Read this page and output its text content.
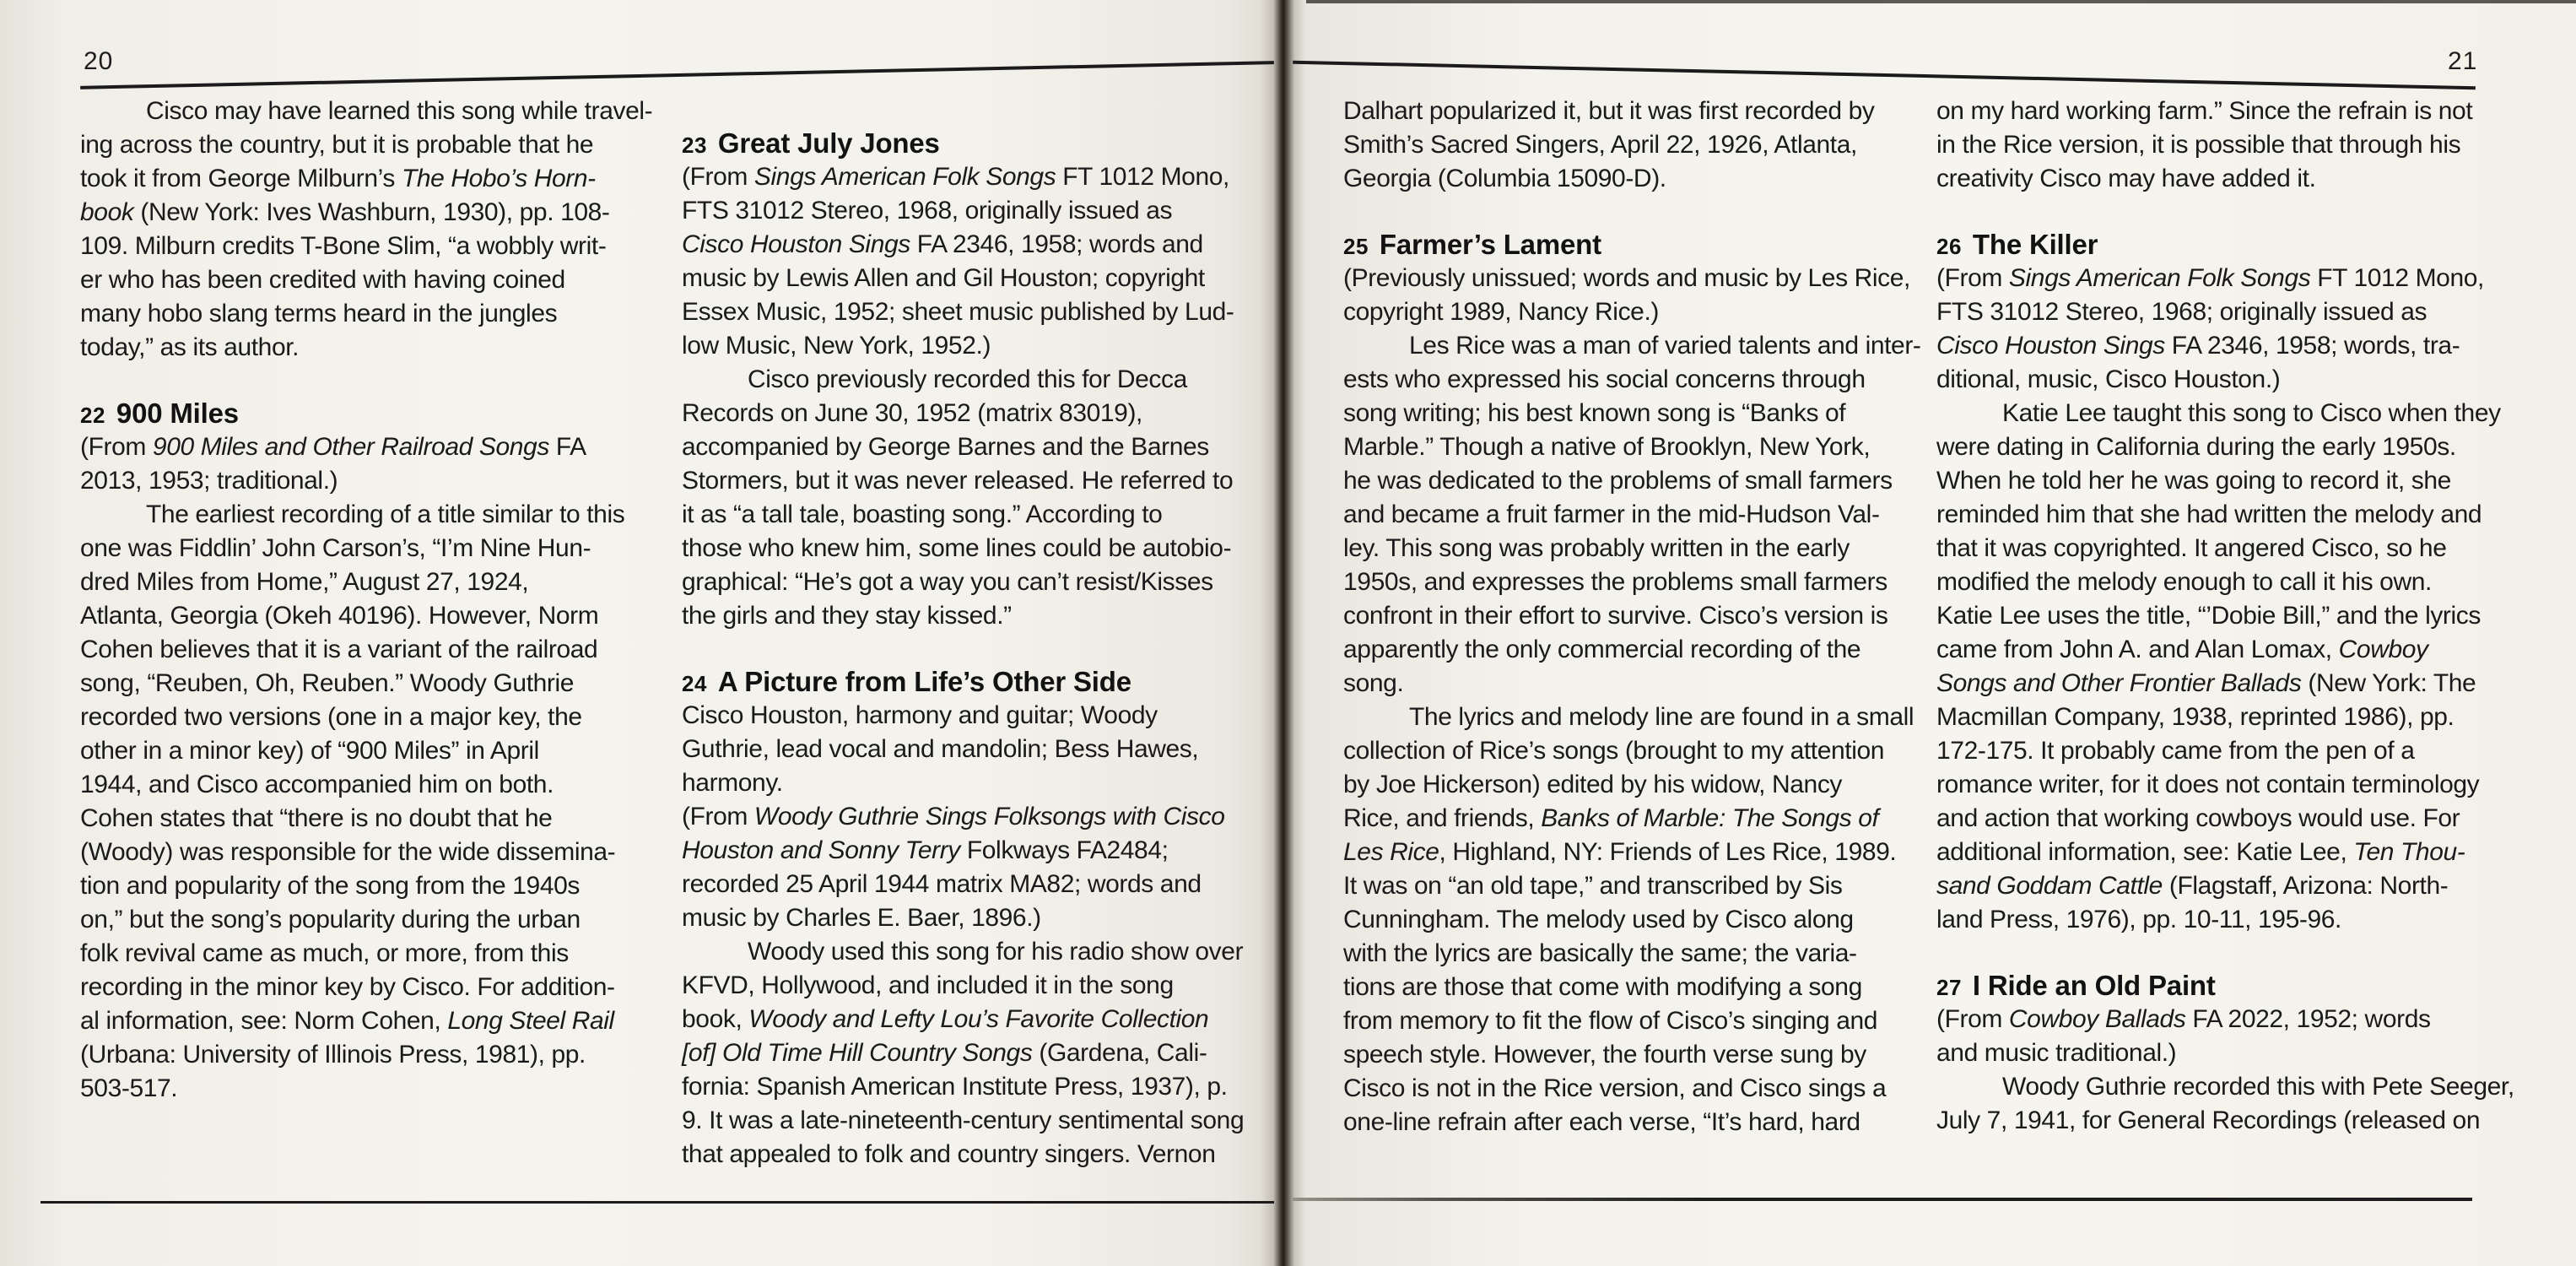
20	21
Cisco may have learned this song while travel-
ing across the country, but it is probable that he
took it from George Milburn’s The Hobo’s Horn-
book (New York: Ives Washburn, 1930), pp. 108-
109. Milburn credits T-Bone Slim, “a wobbly writ-
er who has been credited with having coined
many hobo slang terms heard in the jungles
today,” as its author.
22 900 Miles
(From 900 Miles and Other Railroad Songs FA
2013, 1953; traditional.)
The earliest recording of a title similar to this
one was Fiddlin’ John Carson’s, “I’m Nine Hun-
dred Miles from Home,” August 27, 1924,
Atlanta, Georgia (Okeh 40196). However, Norm
Cohen believes that it is a variant of the railroad
song, “Reuben, Oh, Reuben.” Woody Guthrie
recorded two versions (one in a major key, the
other in a minor key) of “900 Miles” in April
1944, and Cisco accompanied him on both.
Cohen states that “there is no doubt that he
(Woody) was responsible for the wide dissemina-
tion and popularity of the song from the 1940s
on,” but the song’s popularity during the urban
folk revival came as much, or more, from this
recording in the minor key by Cisco. For addition-
al information, see: Norm Cohen, Long Steel Rail
(Urbana: University of Illinois Press, 1981), pp.
503-517.
23 Great July Jones
(From Sings American Folk Songs FT 1012 Mono,
FTS 31012 Stereo, 1968, originally issued as
Cisco Houston Sings FA 2346, 1958; words and
music by Lewis Allen and Gil Houston; copyright
Essex Music, 1952; sheet music published by Lud-
low Music, New York, 1952.)
Cisco previously recorded this for Decca
Records on June 30, 1952 (matrix 83019),
accompanied by George Barnes and the Barnes
Stormers, but it was never released. He referred to
it as “a tall tale, boasting song.” According to
those who knew him, some lines could be autobio-
graphical: “He’s got a way you can’t resist/Kisses
the girls and they stay kissed.”
24 A Picture from Life’s Other Side
Cisco Houston, harmony and guitar; Woody
Guthrie, lead vocal and mandolin; Bess Hawes,
harmony.
(From Woody Guthrie Sings Folksongs with Cisco
Houston and Sonny Terry Folkways FA2484;
recorded 25 April 1944 matrix MA82; words and
music by Charles E. Baer, 1896.)
Woody used this song for his radio show over
KFVD, Hollywood, and included it in the song
book, Woody and Lefty Lou’s Favorite Collection
[of] Old Time Hill Country Songs (Gardena, Cali-
fornia: Spanish American Institute Press, 1937), p.
9. It was a late-nineteenth-century sentimental song
that appealed to folk and country singers. Vernon
Dalhart popularized it, but it was first recorded by
Smith’s Sacred Singers, April 22, 1926, Atlanta,
Georgia (Columbia 15090-D).
25 Farmer’s Lament
(Previously unissued; words and music by Les Rice,
copyright 1989, Nancy Rice.)
Les Rice was a man of varied talents and inter-
ests who expressed his social concerns through
song writing; his best known song is “Banks of
Marble.” Though a native of Brooklyn, New York,
he was dedicated to the problems of small farmers
and became a fruit farmer in the mid-Hudson Val-
ley. This song was probably written in the early
1950s, and expresses the problems small farmers
confront in their effort to survive. Cisco’s version is
apparently the only commercial recording of the
song.
The lyrics and melody line are found in a small
collection of Rice’s songs (brought to my attention
by Joe Hickerson) edited by his widow, Nancy
Rice, and friends, Banks of Marble: The Songs of
Les Rice, Highland, NY: Friends of Les Rice, 1989.
It was on “an old tape,” and transcribed by Sis
Cunningham. The melody used by Cisco along
with the lyrics are basically the same; the varia-
tions are those that come with modifying a song
from memory to fit the flow of Cisco’s singing and
speech style. However, the fourth verse sung by
Cisco is not in the Rice version, and Cisco sings a
one-line refrain after each verse, “It’s hard, hard
on my hard working farm.” Since the refrain is not
in the Rice version, it is possible that through his
creativity Cisco may have added it.
26 The Killer
(From Sings American Folk Songs FT 1012 Mono,
FTS 31012 Stereo, 1968; originally issued as
Cisco Houston Sings FA 2346, 1958; words, tra-
ditional, music, Cisco Houston.)
Katie Lee taught this song to Cisco when they
were dating in California during the early 1950s.
When he told her he was going to record it, she
reminded him that she had written the melody and
that it was copyrighted. It angered Cisco, so he
modified the melody enough to call it his own.
Katie Lee uses the title, “’Dobie Bill,” and the lyrics
came from John A. and Alan Lomax, Cowboy
Songs and Other Frontier Ballads (New York: The
Macmillan Company, 1938, reprinted 1986), pp.
172-175. It probably came from the pen of a
romance writer, for it does not contain terminology
and action that working cowboys would use. For
additional information, see: Katie Lee, Ten Thou-
sand Goddam Cattle (Flagstaff, Arizona: North-
land Press, 1976), pp. 10-11, 195-96.
27 I Ride an Old Paint
(From Cowboy Ballads FA 2022, 1952; words
and music traditional.)
Woody Guthrie recorded this with Pete Seeger,
July 7, 1941, for General Recordings (released on
